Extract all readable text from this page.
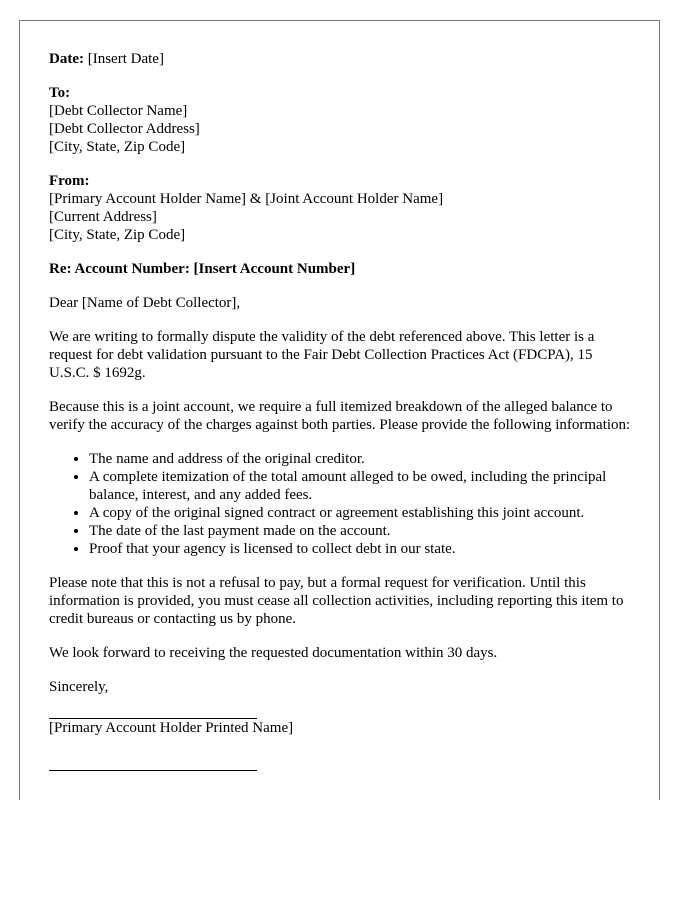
Date: [Insert Date]
To:
[Debt Collector Name]
[Debt Collector Address]
[City, State, Zip Code]
From:
[Primary Account Holder Name] & [Joint Account Holder Name]
[Current Address]
[City, State, Zip Code]
Re: Account Number: [Insert Account Number]

Dear [Name of Debt Collector],

We are writing to formally dispute the validity of the debt referenced above. This letter is a request for debt validation pursuant to the Fair Debt Collection Practices Act (FDCPA), 15 U.S.C. $ 1692g.

Because this is a joint account, we require a full itemized breakdown of the alleged balance to verify the accuracy of the charges against both parties. Please provide the following information:

• The name and address of the original creditor.
• A complete itemization of the total amount alleged to be owed, including the principal balance, interest, and any added fees.
• A copy of the original signed contract or agreement establishing this joint account.
• The date of the last payment made on the account.
• Proof that your agency is licensed to collect debt in our state.

Please note that this is not a refusal to pay, but a formal request for verification. Until this information is provided, you must cease all collection activities, including reporting this item to credit bureaus or contacting us by phone.

We look forward to receiving the requested documentation within 30 days.

Sincerely,

[Primary Account Holder Printed Name]
